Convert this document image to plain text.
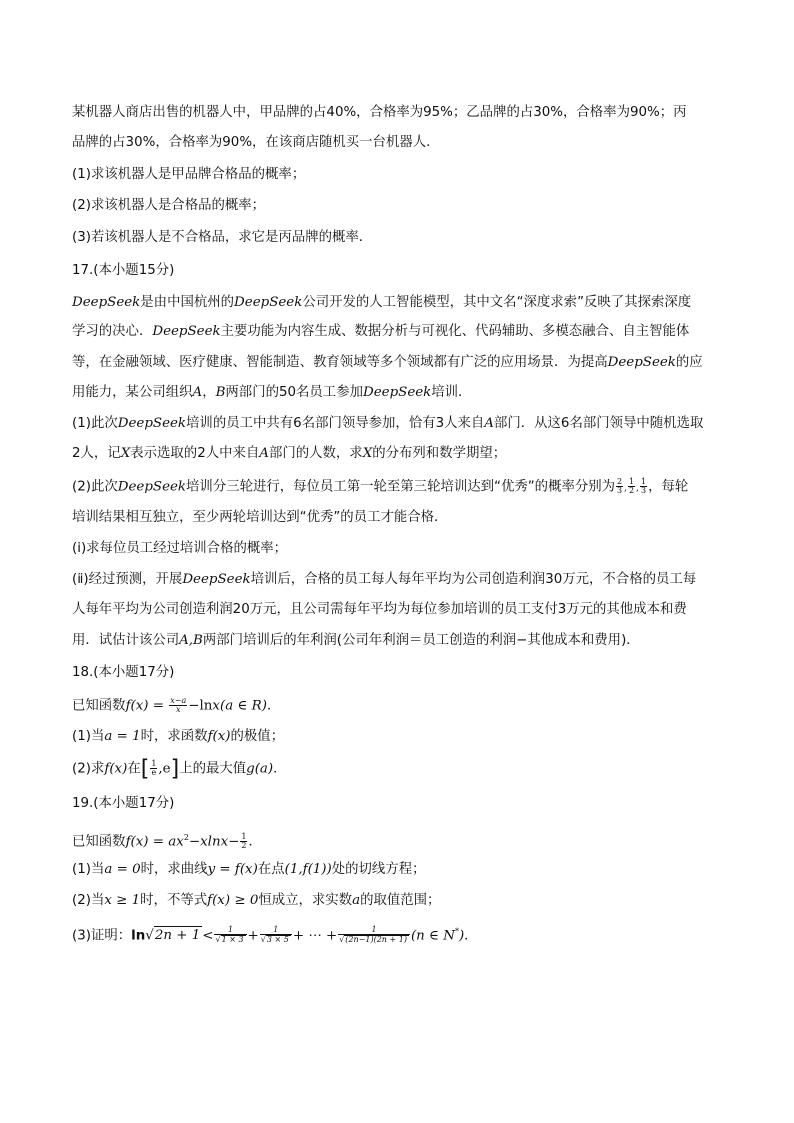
某机器人商店出售的机器人中，甲品牌的占40%，合格率为95%；乙品牌的占30%，合格率为90%；丙
品牌的占30%，合格率为90%，在该商店随机买一台机器人．
(1)求该机器人是甲品牌合格品的概率；
(2)求该机器人是合格品的概率；
(3)若该机器人是不合格品，求它是丙品牌的概率．
17.(本小题15分)
DeepSeek是由中国杭州的DeepSeek公司开发的人工智能模型，其中文名“深度求索”反映了其探索深度
学习的决心．DeepSeek主要功能为内容生成、数据分析与可视化、代码辅助、多模态融合、自主智能体
等，在金融领域、医疗健康、智能制造、教育领域等多个领域都有广泛的应用场景．为提高DeepSeek的应
用能力，某公司组织A，B两部门的50名员工参加DeepSeek培训．
(1)此次DeepSeek培训的员工中共有6名部门领导参加，恰有3人来自A部门．从这6名部门领导中随机选取
2人，记X表示选取的2人中来自A部门的人数，求X的分布列和数学期望；
(2)此次DeepSeek培训分三轮进行，每位员工第一轮至第三轮培训达到“优秀”的概率分别为 $\frac{2}{3}$ , $\frac{1}{2}$ , $\frac{1}{3}$ ，每轮
培训结果相互独立，至少两轮培训达到“优秀”的员工才能合格．
(ⅰ)求每位员工经过培训合格的概率；
(ⅱ)经过预测，开展DeepSeek培训后，合格的员工每人每年平均为公司创造利润30万元，不合格的员工每
人每年平均为公司创造利润20万元，且公司需每年平均为每位参加培训的员工支付3万元的其他成本和费
用．试估计该公司A,B两部门培训后的年利润(公司年利润＝员工创造的利润−其他成本和费用)．
18.(本小题17分)
已知函数$f(x) = \frac{x-a}{x} -\ln x(a$ ∈ R)．
(1)当a = 1时，求函数f(x)的极值；
(2)求f(x)在[ $\frac{1}{e} ,e$]上的最大值g(a)．
19.(本小题17分)
已知函数$f(x) = ax^2-xlnx- \frac{1}{2}$ ．
(1)当a = 0时，求曲线y = f(x)在点(1,f(1))处的切线方程；
(2)当x ≥ 1时，不等式f(x) ≥ 0恒成立，求实数a的取值范围；
(3)证明：$\ln√2n + 1 < \frac{1}{√1 \times 3} + \frac{1}{√3 \times 5}$ + ⋯ + $\frac{1}{√(2n-1)(2n + 1)} (n$ ∈ N*)．
